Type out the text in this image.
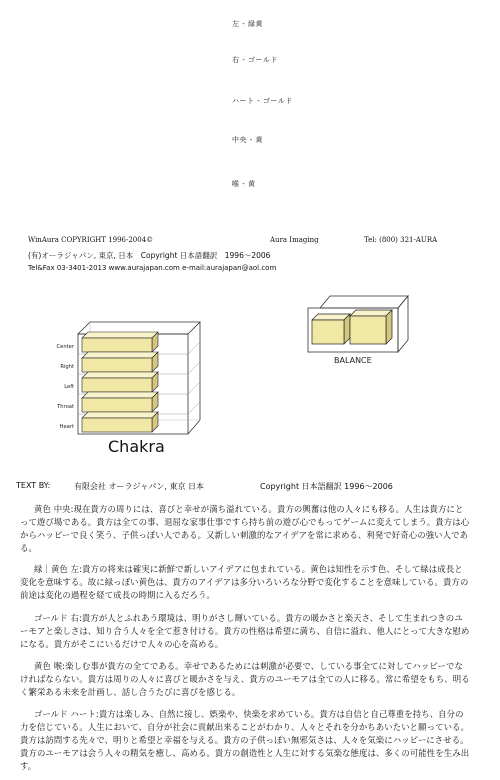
左 - 緑黄
右 - ゴールド
ハート - ゴールド
中央 - 黄
喉 - 黄
WinAura COPYRIGHT 1996-2004©	Aura Imaging	Tel: (800) 321-AURA
(有)オーラジャパン, 東京, 日本　Copyright 日本語翻訳　1996〜2006
Tel&Fax 03-3401-2013 www.aurajapan.com e-mail:aurajapan@aol.com
BALANCE
Center
Right
Left
Throat
Heart
Chakra
TEXT BY:	有限会社 オーラジャパン, 東京 日本	Copyright 日本語翻訳 1996〜2006
黄色 中央:現在貴方の周りには、喜びと幸せが満ち溢れている。貴方の興奮は他の人々にも移る。人生は貴方にとって遊び場である。貴方は全ての事、退屈な家事仕事ですら持ち前の遊び心でもってゲームに変えてしまう。貴方は心からハッピーで良く笑う、子供っぽい人である。又新しい刺激的なアイデアを常に求める、利発で好奇心の強い人である。
緑｜黄色 左:貴方の将来は確実に新鮮で新しいアイデアに包まれている。黄色は知性を示す色、そして緑は成長と変化を意味する。故に緑っぽい黄色は、貴方のアイデアは多分いろいろな分野で変化することを意味している。貴方の前途は変化の過程を経て成長の時期に入るだろう。
ゴールド 右:貴方が人とふれあう環境は、明りがさし輝いている。貴方の暖かさと楽天さ、そして生まれつきのユーモアと楽しさは、知り合う人々を全て惹き付ける。貴方の性格は希望に満ち、自信に溢れ、他人にとって大きな慰めになる。貴方がそこにいるだけで人々の心を高める。
黄色 喉:楽しむ事が貴方の全てである。幸せであるためには刺激が必要で、している事全てに対してハッピーでなければならない。貴方は周りの人々に喜びと暖かさを与え、貴方のユーモアは全ての人に移る。常に希望をもち、明るく繁栄ある未来を計画し、話し合うたびに喜びを感じる。
ゴールド ハート:貴方は楽しみ、自然に接し、娯楽や、快楽を求めている。貴方は自信と自己尊重を持ち、自分の力を信じている。人生において、自分が社会に貢献出来ることがわかり、人々とそれを分かちあいたいと願っている。貴方は訪問する先々で、明りと希望と幸福を与える。貴方の子供っぽい無邪気さは、人々を気楽にハッピーにさせる。貴方のユーモアは会う人々の精気を癒し、高める。貴方の創造性と人生に対する気楽な態度は、多くの可能性を生み出す。
